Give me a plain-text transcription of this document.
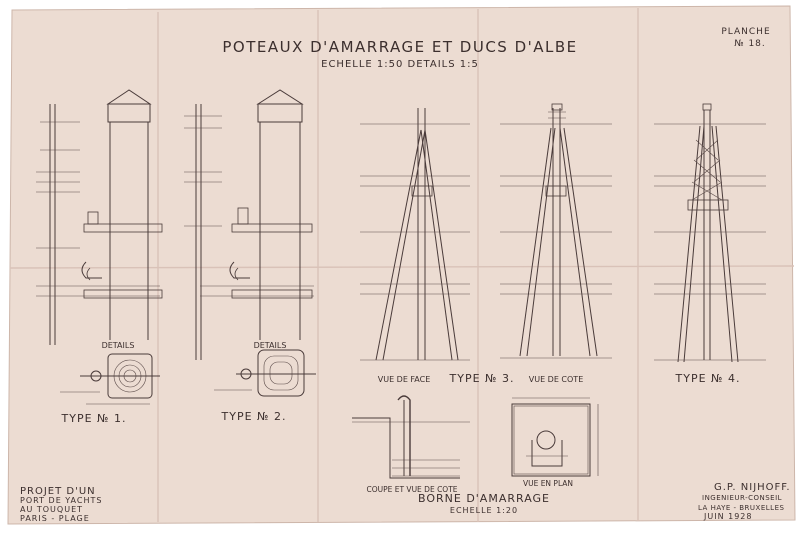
POTEAUX D'AMARRAGE ET DUCS D'ALBE
ECHELLE 1:50 DETAILS 1:5
PLANCHE
№ 18.
DETAILS
TYPE № 1.
DETAILS
TYPE № 2.
VUE DE FACE	VUE DE COTE
TYPE № 3.	TYPE № 4.
COUPE ET VUE DE COTE
VUE EN PLAN
BORNE D'AMARRAGE
ECHELLE 1:20
PROJET D'UN
PORT DE YACHTS
AU TOUQUET
PARIS - PLAGE
G.P. NIJHOFF.
INGENIEUR-CONSEIL
LA HAYE - BRUXELLES
JUIN 1928
